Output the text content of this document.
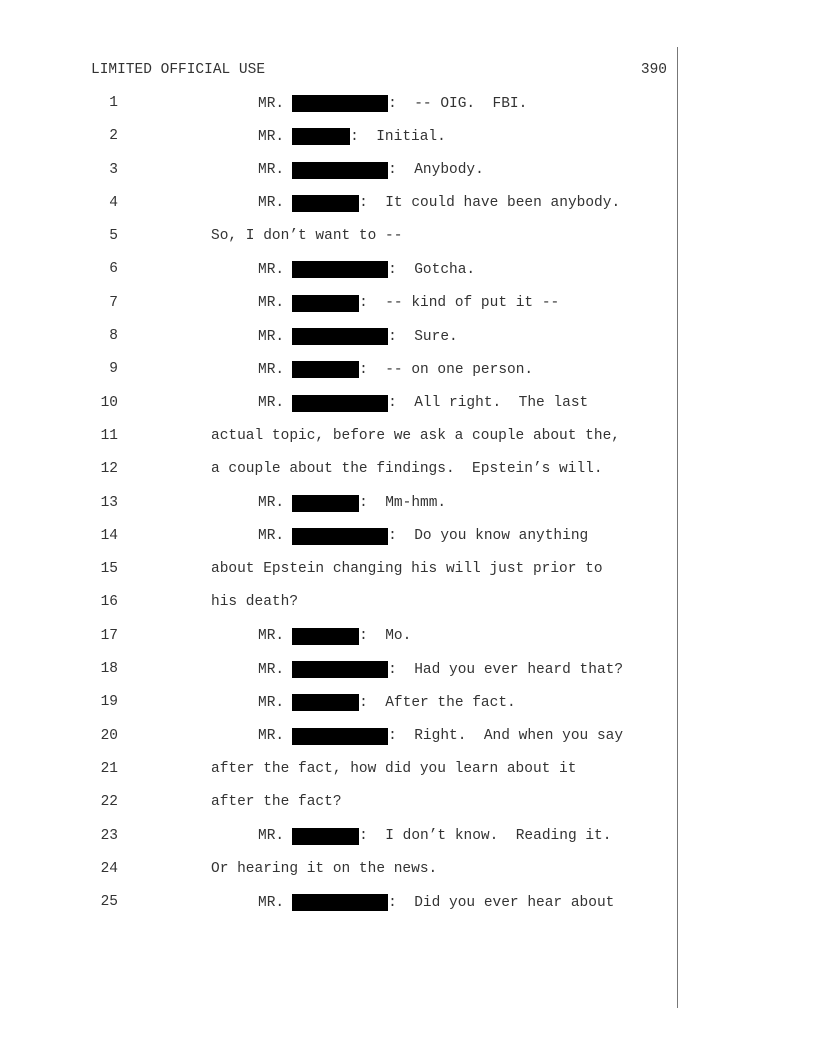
LIMITED OFFICIAL USE	390
1	MR.	:  -- OIG.  FBI.
2	MR.	:  Initial.
3	MR.	:  Anybody.
4	MR.	:  It could have been anybody.
5	So, I don’t want to --
6	MR.	:  Gotcha.
7	MR.	:  -- kind of put it --
8	MR.	:  Sure.
9	MR.	:  -- on one person.
10	MR.	:  All right.  The last
11	actual topic, before we ask a couple about the,
12	a couple about the findings.  Epstein’s will.
13	MR.	:  Mm-hmm.
14	MR.	:  Do you know anything
15	about Epstein changing his will just prior to
16	his death?
17	MR.	:  Mo.
18	MR.	:  Had you ever heard that?
19	MR.	:  After the fact.
20	MR.	:  Right.  And when you say
21	after the fact, how did you learn about it
22	after the fact?
23	MR.	:  I don’t know.  Reading it.
24	Or hearing it on the news.
25	MR.	:  Did you ever hear about
